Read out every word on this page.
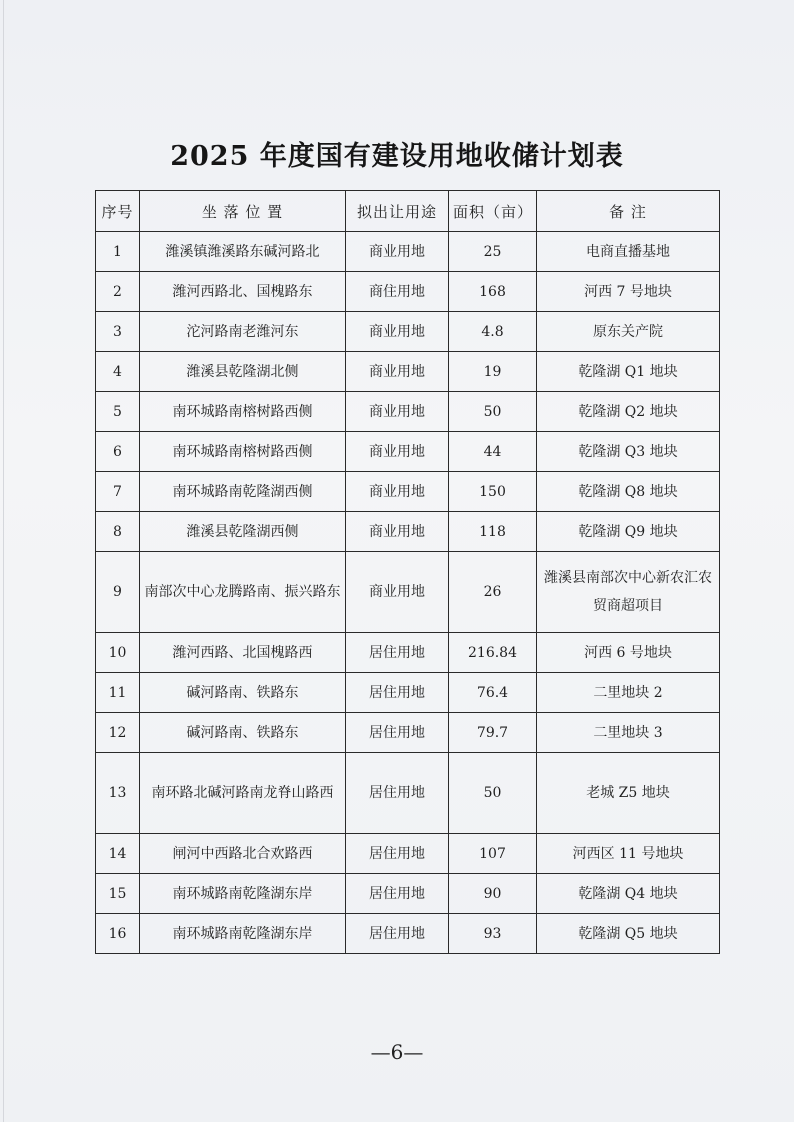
2025 年度国有建设用地收储计划表
序号	坐 落 位 置	拟出让用途	面积（亩）	备 注
1	潍溪镇潍溪路东碱河路北	商业用地	25	电商直播基地
2	潍河西路北、国槐路东	商住用地	168	河西 7 号地块
3	沱河路南老潍河东	商业用地	4.8	原东关产院
4	潍溪县乾隆湖北侧	商业用地	19	乾隆湖 Q1 地块
5	南环城路南榕树路西侧	商业用地	50	乾隆湖 Q2 地块
6	南环城路南榕树路西侧	商业用地	44	乾隆湖 Q3 地块
7	南环城路南乾隆湖西侧	商业用地	150	乾隆湖 Q8 地块
8	潍溪县乾隆湖西侧	商业用地	118	乾隆湖 Q9 地块
9	南部次中心龙腾路南、振兴路东	商业用地	26	潍溪县南部次中心新农汇农贸商超项目
10	潍河西路、北国槐路西	居住用地	216.84	河西 6 号地块
11	碱河路南、铁路东	居住用地	76.4	二里地块 2
12	碱河路南、铁路东	居住用地	79.7	二里地块 3
13	南环路北碱河路南龙脊山路西	居住用地	50	老城 Z5 地块
14	闸河中西路北合欢路西	居住用地	107	河西区 11 号地块
15	南环城路南乾隆湖东岸	居住用地	90	乾隆湖 Q4 地块
16	南环城路南乾隆湖东岸	居住用地	93	乾隆湖 Q5 地块
—6—
